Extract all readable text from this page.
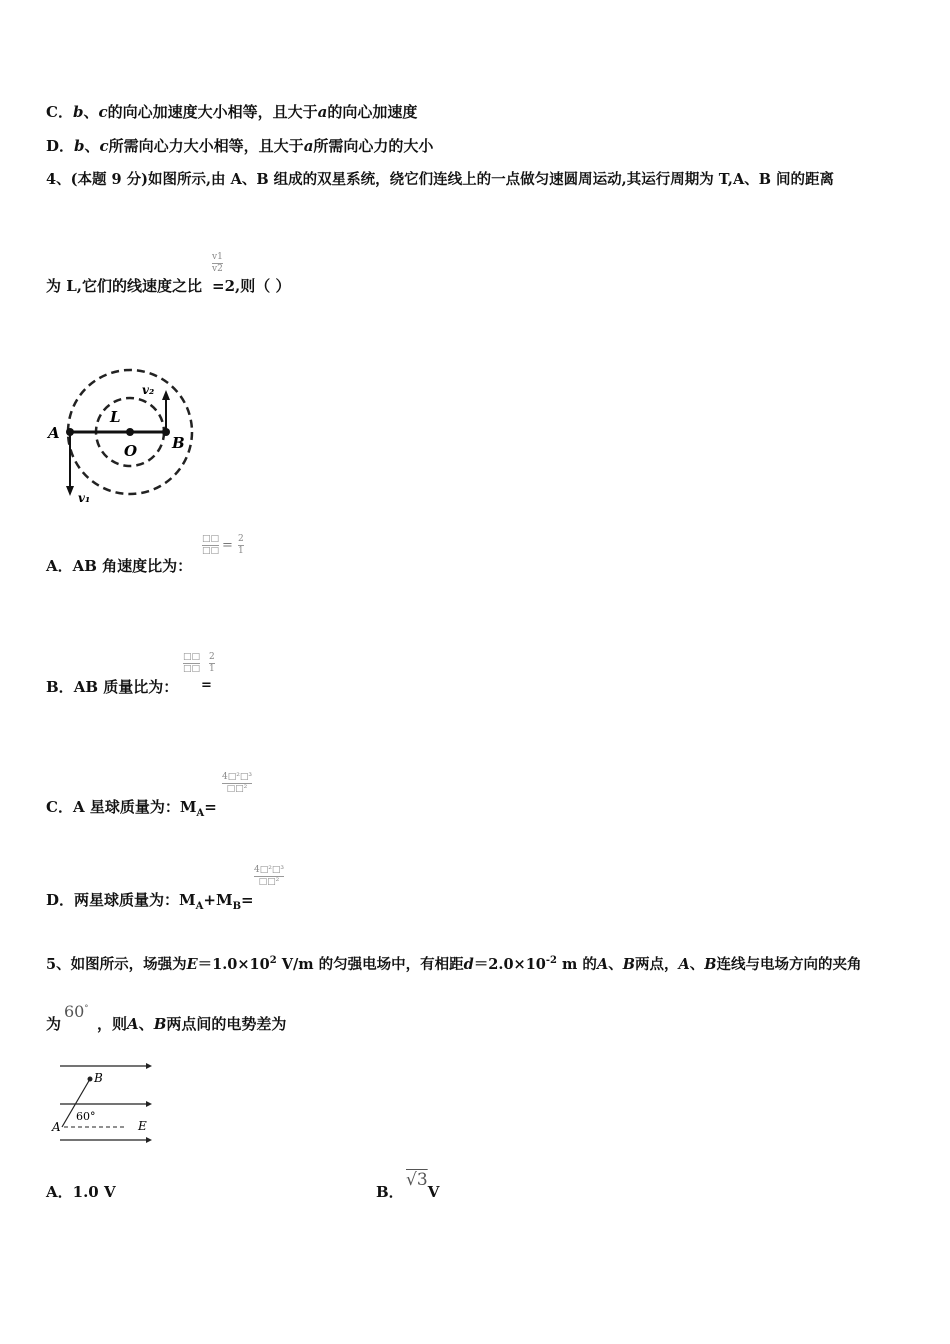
C．b、c的向心加速度大小相等，且大于a的向心加速度
D．b、c所需向心力大小相等，且大于a所需向心力的大小
4、(本题 9 分)如图所示,由 A、B 组成的双星系统，绕它们连线上的一点做匀速圆周运动,其运行周期为 T,A、B 间的距离
为 L,它们的线速度之比 =2,则（ ）
$\frac{v1}{v2}$
A
B
O
L
v₁
v₂
A．AB 角速度比为：
□□
□□ = $\frac{2}{1}$
B．AB 质量比为：
□□
□□
=
$\frac{2}{1}$
C．A 星球质量为：$M_A=$
4□²□³
□□²
D．两星球质量为：$M_A+M_B=$
4□²□³
□□²
5、如图所示，场强为$E=1.0\times 10^2$ V/m 的匀强电场中，有相距$d=2.0\times 10^{-2}$ m 的A、B两点，A、B连线与电场方向的夹角
为 ，则A、B两点间的电势差为
60°
A
B
E
60°
A．1.0 V	B． V
√3
